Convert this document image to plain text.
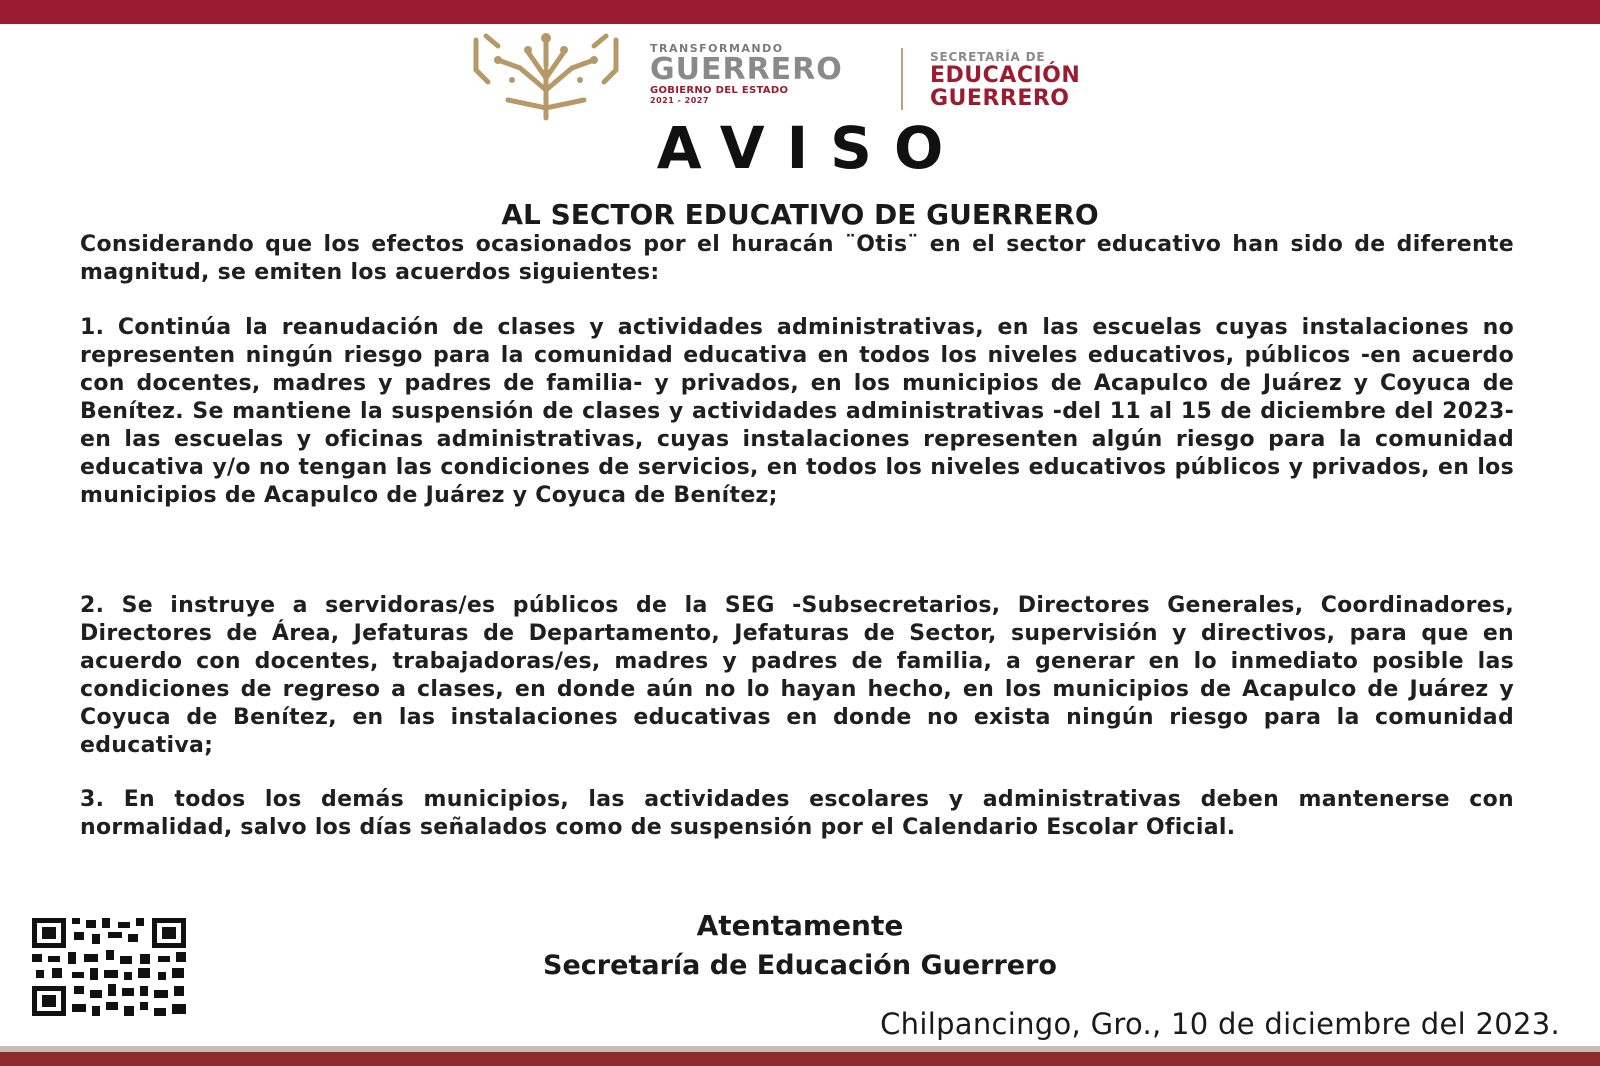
TRANSFORMANDO
GUERRERO
GOBIERNO DEL ESTADO
2021 - 2027
SECRETARÍA DE
EDUCACIÓN
GUERRERO
AVISO
AL SECTOR EDUCATIVO DE GUERRERO

Considerando que los efectos ocasionados por el huracán ¨Otis¨ en el sector educativo han sido de diferente magnitud, se emiten los acuerdos siguientes:

1. Continúa la reanudación de clases y actividades administrativas, en las escuelas cuyas instalaciones no representen ningún riesgo para la comunidad educativa en todos los niveles educativos, públicos -en acuerdo con docentes, madres y padres de familia- y privados, en los municipios de Acapulco de Juárez y Coyuca de Benítez. Se mantiene la suspensión de clases y actividades administrativas -del 11 al 15 de diciembre del 2023- en las escuelas y oficinas administrativas, cuyas instalaciones representen algún riesgo para la comunidad educativa y/o no tengan las condiciones de servicios, en todos los niveles educativos públicos y privados, en los municipios de Acapulco de Juárez y Coyuca de Benítez;

2. Se instruye a servidoras/es públicos de la SEG -Subsecretarios, Directores Generales, Coordinadores, Directores de Área, Jefaturas de Departamento, Jefaturas de Sector, supervisión y directivos, para que en acuerdo con docentes, trabajadoras/es, madres y padres de familia, a generar en lo inmediato posible las condiciones de regreso a clases, en donde aún no lo hayan hecho, en los municipios de Acapulco de Juárez y Coyuca de Benítez, en las instalaciones educativas en donde no exista ningún riesgo para la comunidad educativa;

3. En todos los demás municipios, las actividades escolares y administrativas deben mantenerse con normalidad, salvo los días señalados como de suspensión por el Calendario Escolar Oficial.

Atentamente
Secretaría de Educación Guerrero
Chilpancingo, Gro., 10 de diciembre del 2023.
